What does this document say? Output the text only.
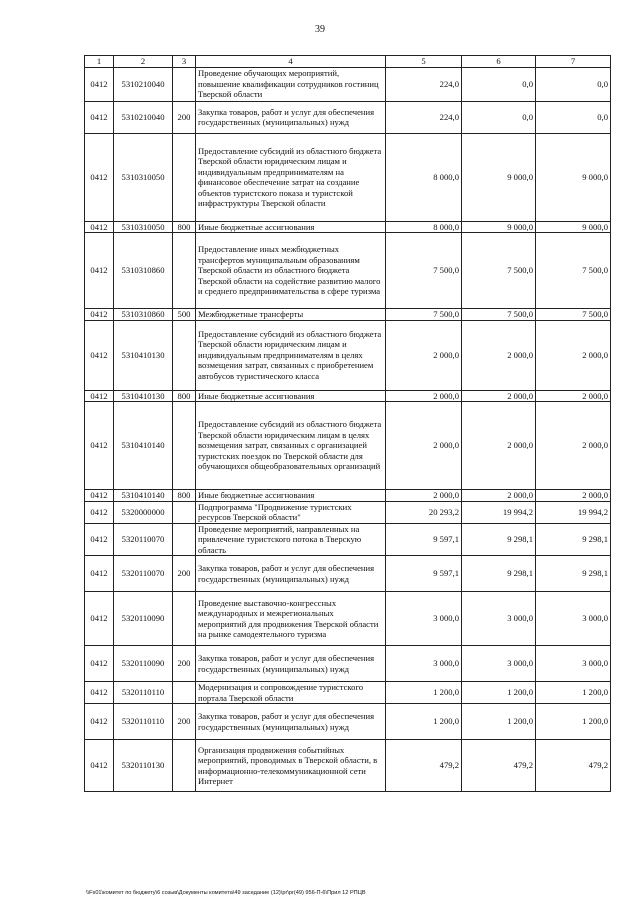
39
1	2	3	4	5	6	7
0412	5310210040		Проведение обучающих мероприятий, повышение квалификации сотрудников гостиниц Тверской области	224,0	0,0	0,0
0412	5310210040	200	Закупка товаров, работ и услуг для обеспечения государственных (муниципальных) нужд	224,0	0,0	0,0
0412	5310310050		Предоставление субсидий из областного бюджета Тверской области юридическим лицам и индивидуальным предпринимателям на финансовое обеспечение затрат на создание объектов туристского показа и туристской инфраструктуры Тверской области	8 000,0	9 000,0	9 000,0
0412	5310310050	800	Иные бюджетные ассигнования	8 000,0	9 000,0	9 000,0
0412	5310310860		Предоставление иных межбюджетных трансфертов муниципальным образованиям Тверской области из областного бюджета Тверской области на содействие развитию малого и среднего предпринимательства в сфере туризма	7 500,0	7 500,0	7 500,0
0412	5310310860	500	Межбюджетные трансферты	7 500,0	7 500,0	7 500,0
0412	5310410130		Предоставление субсидий из областного бюджета Тверской области юридическим лицам и индивидуальным предпринимателям в целях возмещения затрат, связанных с приобретением автобусов туристического класса	2 000,0	2 000,0	2 000,0
0412	5310410130	800	Иные бюджетные ассигнования	2 000,0	2 000,0	2 000,0
0412	5310410140		Предоставление субсидий из областного бюджета Тверской области юридическим лицам в целях возмещения затрат, связанных с организацией туристских поездок по Тверской области для обучающихся общеобразовательных организаций	2 000,0	2 000,0	2 000,0
0412	5310410140	800	Иные бюджетные ассигнования	2 000,0	2 000,0	2 000,0
0412	5320000000		Подпрограмма "Продвижение туристских ресурсов Тверской области"	20 293,2	19 994,2	19 994,2
0412	5320110070		Проведение мероприятий, направленных на привлечение туристского потока в Тверскую область	9 597,1	9 298,1	9 298,1
0412	5320110070	200	Закупка товаров, работ и услуг для обеспечения государственных (муниципальных) нужд	9 597,1	9 298,1	9 298,1
0412	5320110090		Проведение выставочно-конгрессных международных и межрегиональных мероприятий для продвижения Тверской области на рынке самодеятельного туризма	3 000,0	3 000,0	3 000,0
0412	5320110090	200	Закупка товаров, работ и услуг для обеспечения государственных (муниципальных) нужд	3 000,0	3 000,0	3 000,0
0412	5320110110		Модернизация и сопровождение туристского портала Тверской области	1 200,0	1 200,0	1 200,0
0412	5320110110	200	Закупка товаров, работ и услуг для обеспечения государственных (муниципальных) нужд	1 200,0	1 200,0	1 200,0
0412	5320110130		Организация продвижения событийных мероприятий, проводимых в Тверской области, в информационно-телекоммуникационной сети Интернет	479,2	479,2	479,2
\\Fs01\комитет по бюджету\6 созыв\Документы комитета\49 заседание (12)\pr\pr(49) 956-П-6\Прил 12 РПЦВ
